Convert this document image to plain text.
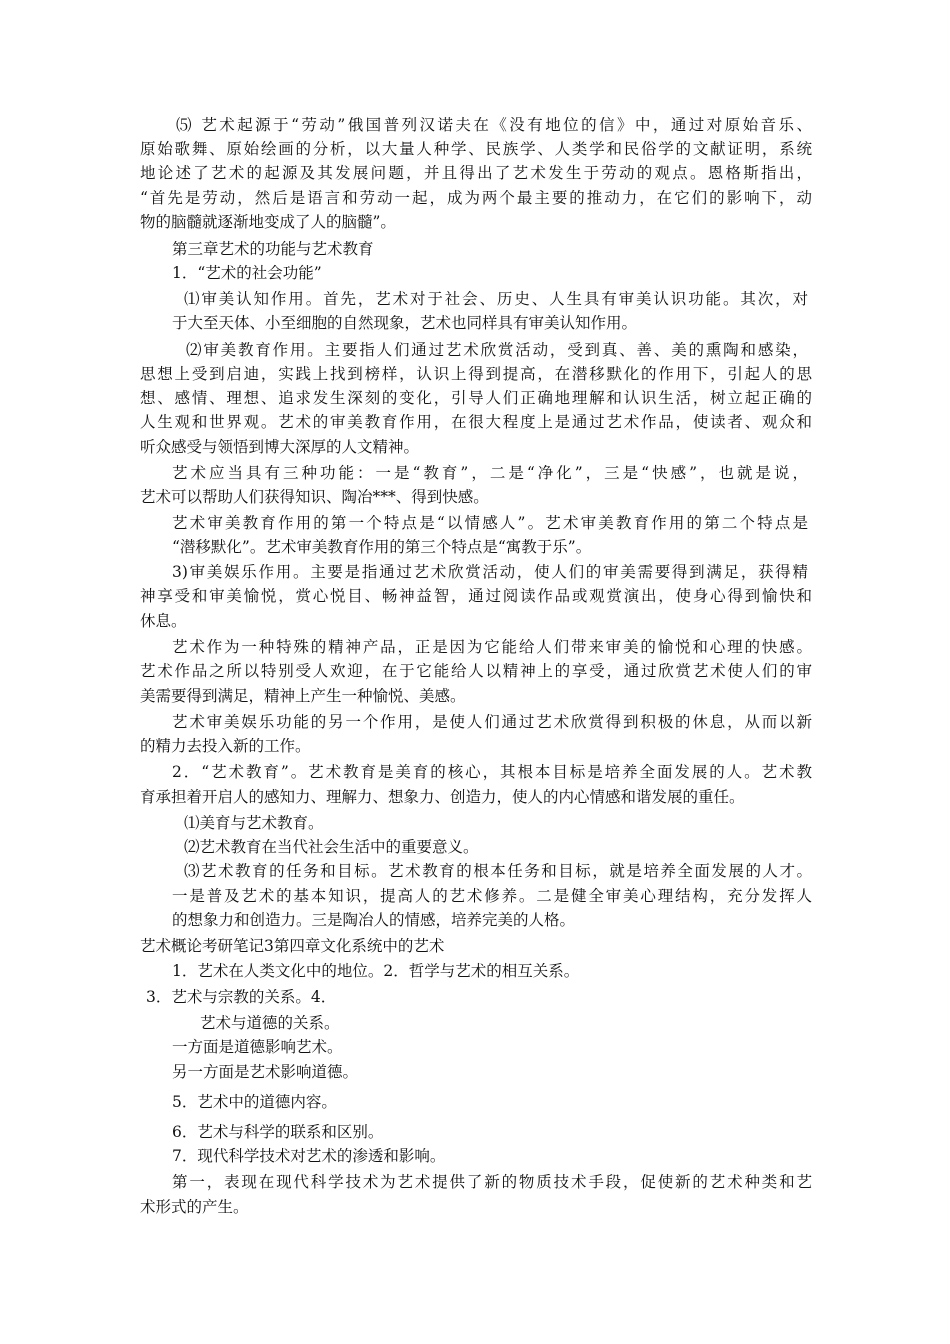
⑸ 艺术起源于“劳动”俄国普列汉诺夫在《没有地位的信》中，通过对原始音乐、
原始歌舞、原始绘画的分析，以大量人种学、民族学、人类学和民俗学的文献证明，系统
地论述了艺术的起源及其发展问题，并且得出了艺术发生于劳动的观点。恩格斯指出，
“首先是劳动，然后是语言和劳动一起，成为两个最主要的推动力，在它们的影响下，动
物的脑髓就逐渐地变成了人的脑髓”。
第三章艺术的功能与艺术教育
1．“艺术的社会功能”
⑴审美认知作用。首先，艺术对于社会、历史、人生具有审美认识功能。其次，对
于大至天体、小至细胞的自然现象，艺术也同样具有审美认知作用。
⑵审美教育作用。主要指人们通过艺术欣赏活动，受到真、善、美的熏陶和感染，
思想上受到启迪，实践上找到榜样，认识上得到提高，在潜移默化的作用下，引起人的思
想、感情、理想、追求发生深刻的变化，引导人们正确地理解和认识生活，树立起正确的
人生观和世界观。艺术的审美教育作用，在很大程度上是通过艺术作品，使读者、观众和
听众感受与领悟到博大深厚的人文精神。
艺术应当具有三种功能：一是“教育”，二是“净化”，三是“快感”，也就是说，
艺术可以帮助人们获得知识、陶冶***、得到快感。
艺术审美教育作用的第一个特点是“以情感人”。艺术审美教育作用的第二个特点是
“潜移默化”。艺术审美教育作用的第三个特点是“寓教于乐”。
3)审美娱乐作用。主要是指通过艺术欣赏活动，使人们的审美需要得到满足，获得精
神享受和审美愉悦，赏心悦目、畅神益智，通过阅读作品或观赏演出，使身心得到愉快和
休息。
艺术作为一种特殊的精神产品，正是因为它能给人们带来审美的愉悦和心理的快感。
艺术作品之所以特别受人欢迎，在于它能给人以精神上的享受，通过欣赏艺术使人们的审
美需要得到满足，精神上产生一种愉悦、美感。
艺术审美娱乐功能的另一个作用，是使人们通过艺术欣赏得到积极的休息，从而以新
的精力去投入新的工作。
2．“艺术教育”。艺术教育是美育的核心，其根本目标是培养全面发展的人。艺术教
育承担着开启人的感知力、理解力、想象力、创造力，使人的内心情感和谐发展的重任。
⑴美育与艺术教育。
⑵艺术教育在当代社会生活中的重要意义。
⑶艺术教育的任务和目标。艺术教育的根本任务和目标，就是培养全面发展的人才。
一是普及艺术的基本知识，提高人的艺术修养。二是健全审美心理结构，充分发挥人
的想象力和创造力。三是陶冶人的情感，培养完美的人格。
艺术概论考研笔记3第四章文化系统中的艺术
1．艺术在人类文化中的地位。2．哲学与艺术的相互关系。
3．艺术与宗教的关系。4．
艺术与道德的关系。
一方面是道德影响艺术。
另一方面是艺术影响道德。
5．艺术中的道德内容。
6．艺术与科学的联系和区别。
7．现代科学技术对艺术的渗透和影响。
第一，表现在现代科学技术为艺术提供了新的物质技术手段，促使新的艺术种类和艺
术形式的产生。
